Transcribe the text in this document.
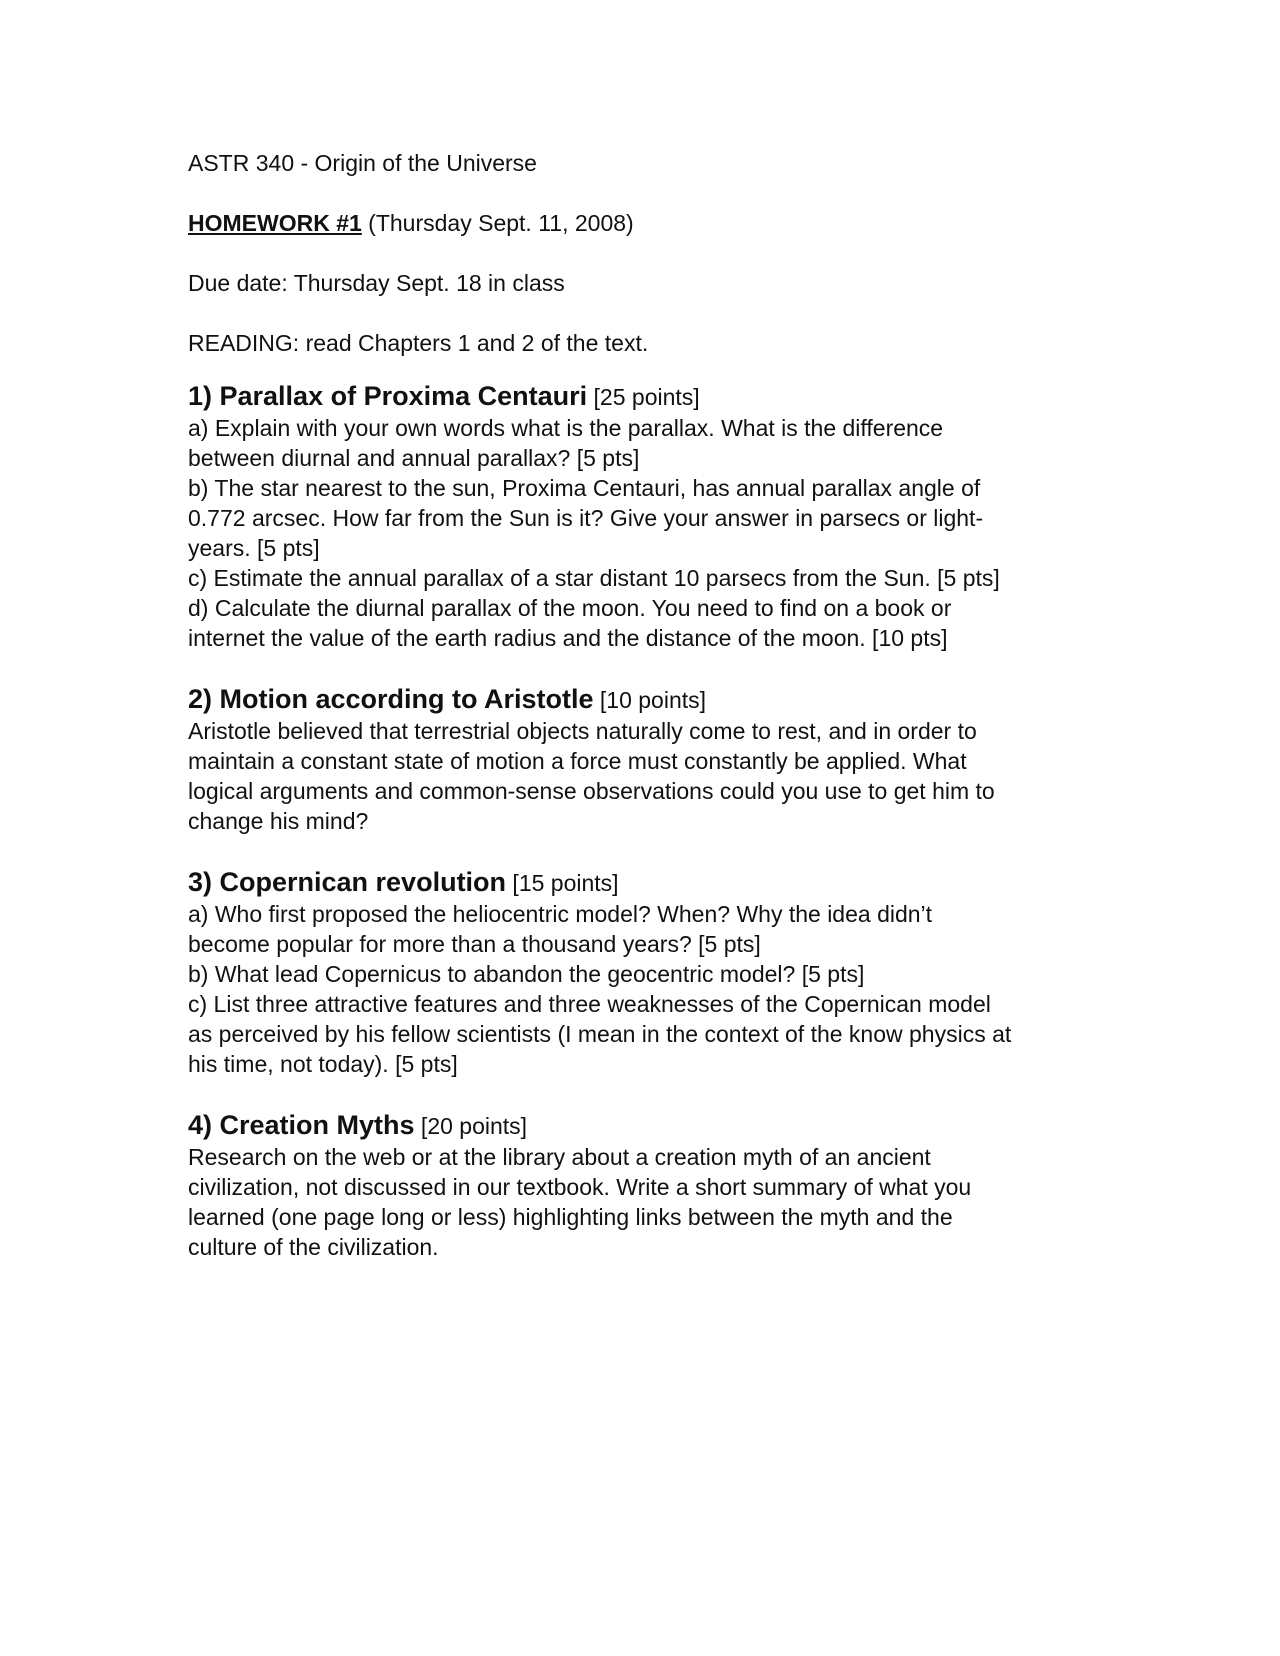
ASTR 340 - Origin of the Universe

HOMEWORK #1 (Thursday Sept. 11, 2008)

Due date: Thursday Sept. 18 in class

READING: read Chapters 1 and 2 of the text.

1) Parallax of Proxima Centauri [25 points]

a) Explain with your own words what is the parallax. What is the difference

between diurnal and annual parallax? [5 pts]

b) The star nearest to the sun, Proxima Centauri, has annual parallax angle of

0.772 arcsec. How far from the Sun is it? Give your answer in parsecs or light-

years. [5 pts]

c) Estimate the annual parallax of a star distant 10 parsecs from the Sun. [5 pts]

d) Calculate the diurnal parallax of the moon. You need to find on a book or

internet the value of the earth radius and the distance of the moon. [10 pts]

2) Motion according to Aristotle [10 points]

Aristotle believed that terrestrial objects naturally come to rest, and in order to

maintain a constant state of motion a force must constantly be applied. What

logical arguments and common-sense observations could you use to get him to

change his mind?

3) Copernican revolution [15 points]

a) Who first proposed the heliocentric model? When? Why the idea didn’t

become popular for more than a thousand years? [5 pts]

b) What lead Copernicus to abandon the geocentric model? [5 pts]

c) List three attractive features and three weaknesses of the Copernican model

as perceived by his fellow scientists (I mean in the context of the know physics at

his time, not today). [5 pts]

4) Creation Myths [20 points]

Research on the web or at the library about a creation myth of an ancient

civilization, not discussed in our textbook. Write a short summary of what you

learned (one page long or less) highlighting links between the myth and the

culture of the civilization.
